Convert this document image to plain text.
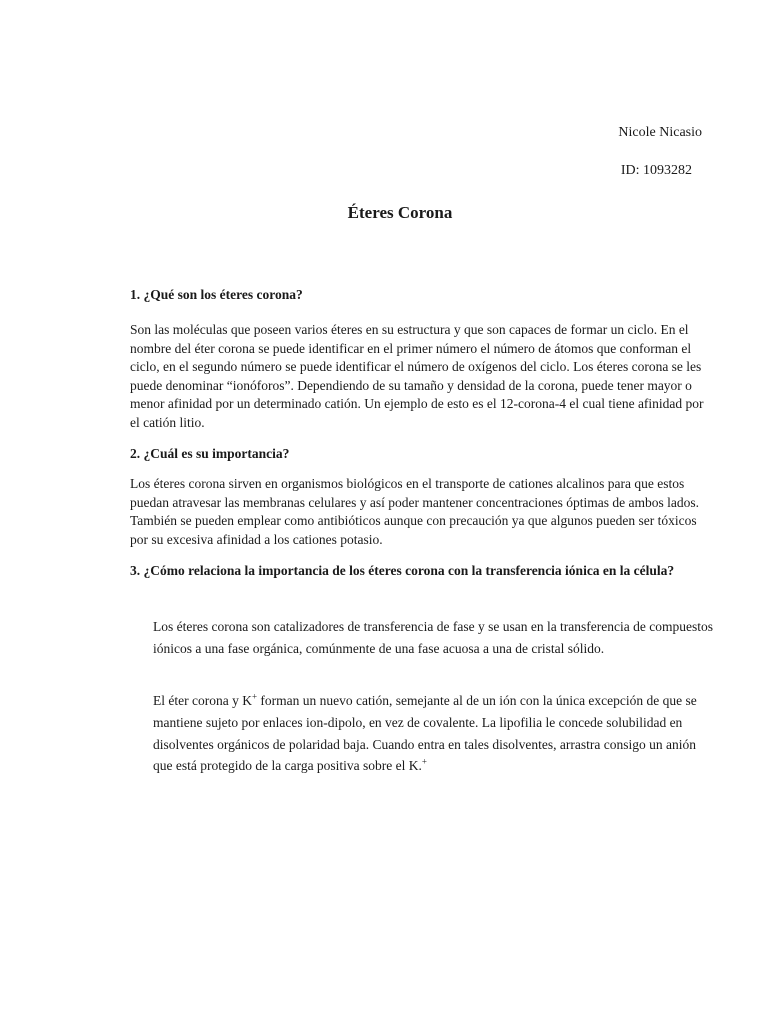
Nicole Nicasio
ID: 1093282
Éteres Corona

1. ¿Qué son los éteres corona?

Son las moléculas que poseen varios éteres en su estructura y que son capaces de formar un ciclo. En el nombre del éter corona se puede identificar en el primer número el número de átomos que conforman el ciclo, en el segundo número se puede identificar el número de oxígenos del ciclo. Los éteres corona se les puede denominar “ionóforos”. Dependiendo de su tamaño y densidad de la corona, puede tener mayor o menor afinidad por un determinado catión. Un ejemplo de esto es el 12-corona-4 el cual tiene afinidad por el catión litio.

2. ¿Cuál es su importancia?

Los éteres corona sirven en organismos biológicos en el transporte de cationes alcalinos para que estos puedan atravesar las membranas celulares y así poder mantener concentraciones óptimas de ambos lados. También se pueden emplear como antibióticos aunque con precaución ya que algunos pueden ser tóxicos por su excesiva afinidad a los cationes potasio.

3. ¿Cómo relaciona la importancia de los éteres corona con la transferencia iónica en la célula?

Los éteres corona son catalizadores de transferencia de fase y se usan en la transferencia de compuestos iónicos a una fase orgánica, comúnmente de una fase acuosa a una de cristal sólido.

El éter corona y K+ forman un nuevo catión, semejante al de un ión con la única excepción de que se mantiene sujeto por enlaces ion-dipolo, en vez de covalente. La lipofilia le concede solubilidad en disolventes orgánicos de polaridad baja. Cuando entra en tales disolventes, arrastra consigo un anión que está protegido de la carga positiva sobre el K.+
